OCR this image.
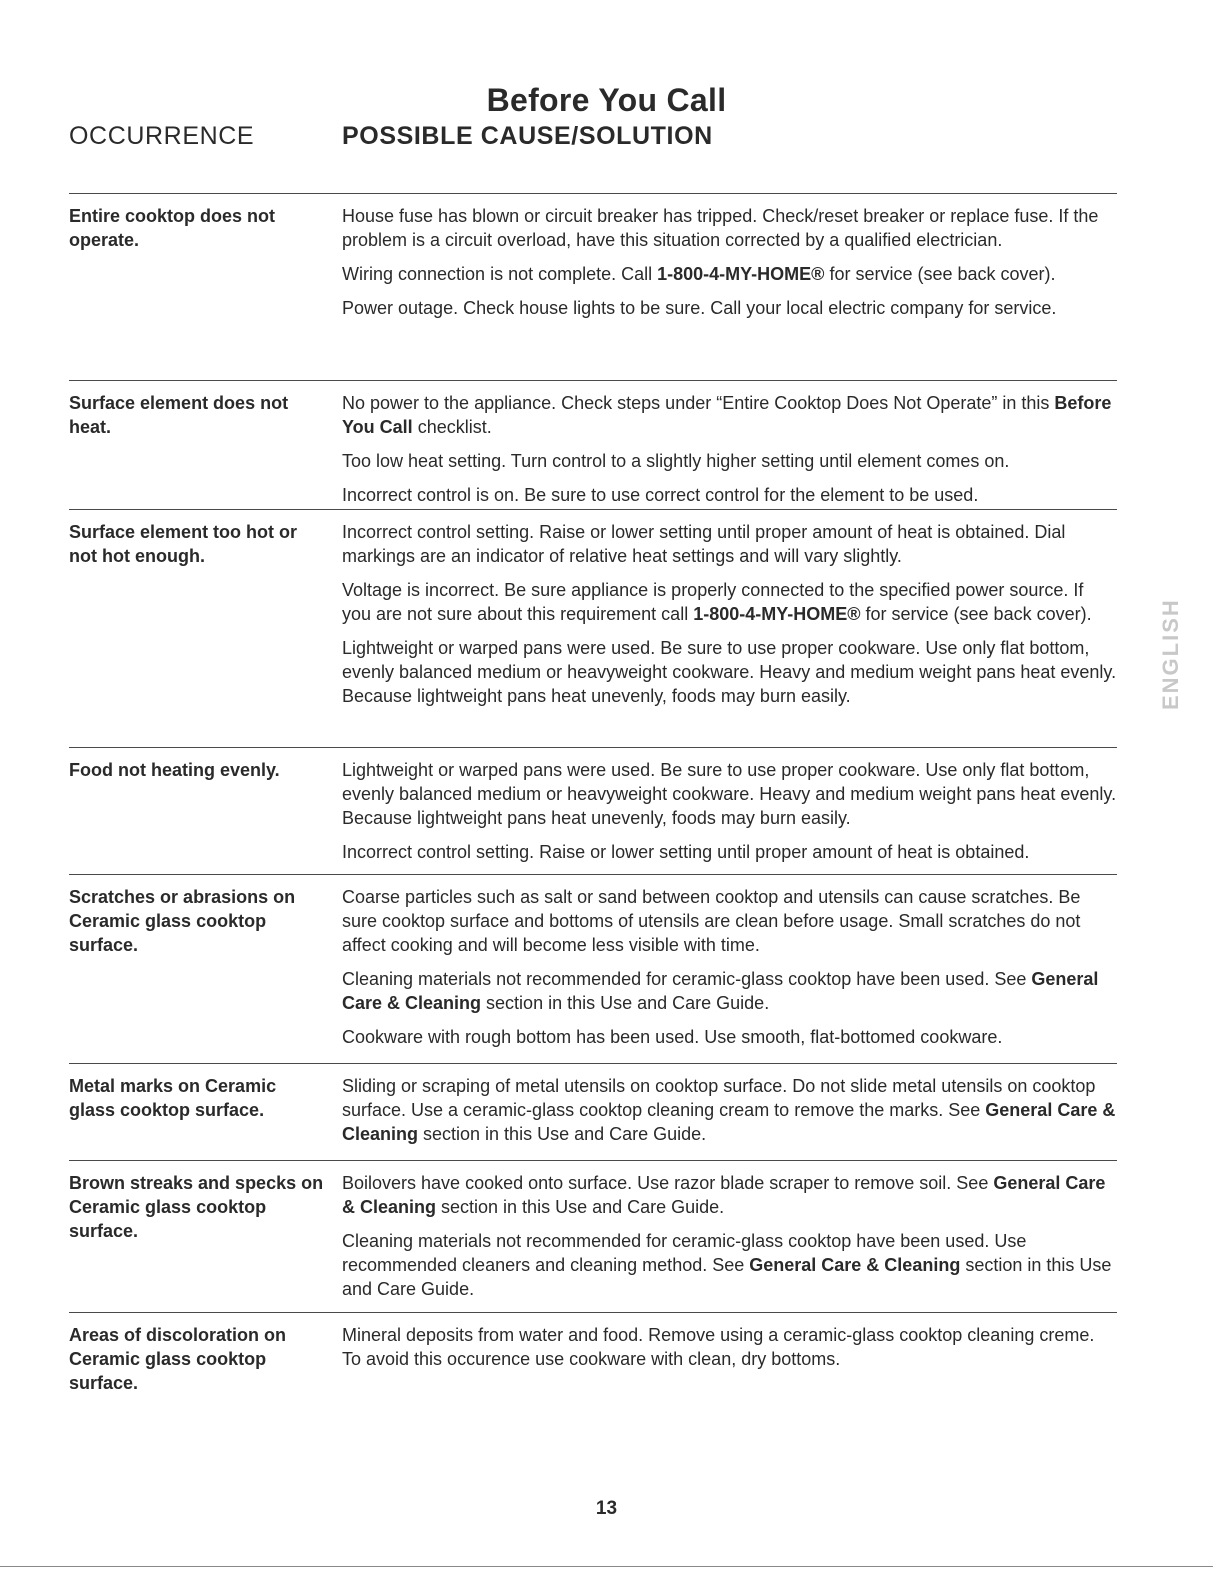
Before You Call
OCCURRENCE	POSSIBLE CAUSE/SOLUTION
Entire cooktop does not operate.

House fuse has blown or circuit breaker has tripped. Check/reset breaker or replace fuse. If the problem is a circuit overload, have this situation corrected by a qualified electrician.

Wiring connection is not complete. Call 1-800-4-MY-HOME® for service (see back cover).

Power outage. Check house lights to be sure. Call your local electric company for service.

Surface element does not heat.

No power to the appliance. Check steps under “Entire Cooktop Does Not Operate” in this Before You Call checklist.

Too low heat setting. Turn control to a slightly higher setting until element comes on.

Incorrect control is on. Be sure to use correct control for the element to be used.

Surface element too hot or not hot enough.

Incorrect control setting. Raise or lower setting until proper amount of heat is obtained. Dial markings are an indicator of relative heat settings and will vary slightly.

Voltage is incorrect. Be sure appliance is properly connected to the specified power source. If you are not sure about this requirement call 1-800-4-MY-HOME® for service (see back cover).

Lightweight or warped pans were used. Be sure to use proper cookware. Use only flat bottom, evenly balanced medium or heavyweight cookware. Heavy and medium weight pans heat evenly. Because lightweight pans heat unevenly, foods may burn easily.

Food not heating evenly.	Lightweight or warped pans were used. Be sure to use proper cookware. Use only flat bottom, evenly balanced medium or heavyweight cookware. Heavy and medium weight pans heat evenly. Because lightweight pans heat unevenly, foods may burn easily.

Incorrect control setting. Raise or lower setting until proper amount of heat is obtained.

Scratches or abrasions on Ceramic glass cooktop surface.

Coarse particles such as salt or sand between cooktop and utensils can cause scratches. Be sure cooktop surface and bottoms of utensils are clean before usage. Small scratches do not affect cooking and will become less visible with time.

Cleaning materials not recommended for ceramic-glass cooktop have been used. See General Care & Cleaning section in this Use and Care Guide.

Cookware with rough bottom has been used. Use smooth, flat-bottomed cookware.

Metal marks on Ceramic glass cooktop surface.

Sliding or scraping of metal utensils on cooktop surface. Do not slide metal utensils on cooktop surface. Use a ceramic-glass cooktop cleaning cream to remove the marks. See General Care & Cleaning section in this Use and Care Guide.

Brown streaks and specks on Ceramic glass cooktop surface.

Boilovers have cooked onto surface. Use razor blade scraper to remove soil. See General Care & Cleaning section in this Use and Care Guide.

Cleaning materials not recommended for ceramic-glass cooktop have been used. Use recommended cleaners and cleaning method. See General Care & Cleaning section in this Use and Care Guide.

Areas of discoloration on Ceramic glass cooktop surface.

Mineral deposits from water and food. Remove using a ceramic-glass cooktop cleaning creme. To avoid this occurence use cookware with clean, dry bottoms.

ENGLISH
13
